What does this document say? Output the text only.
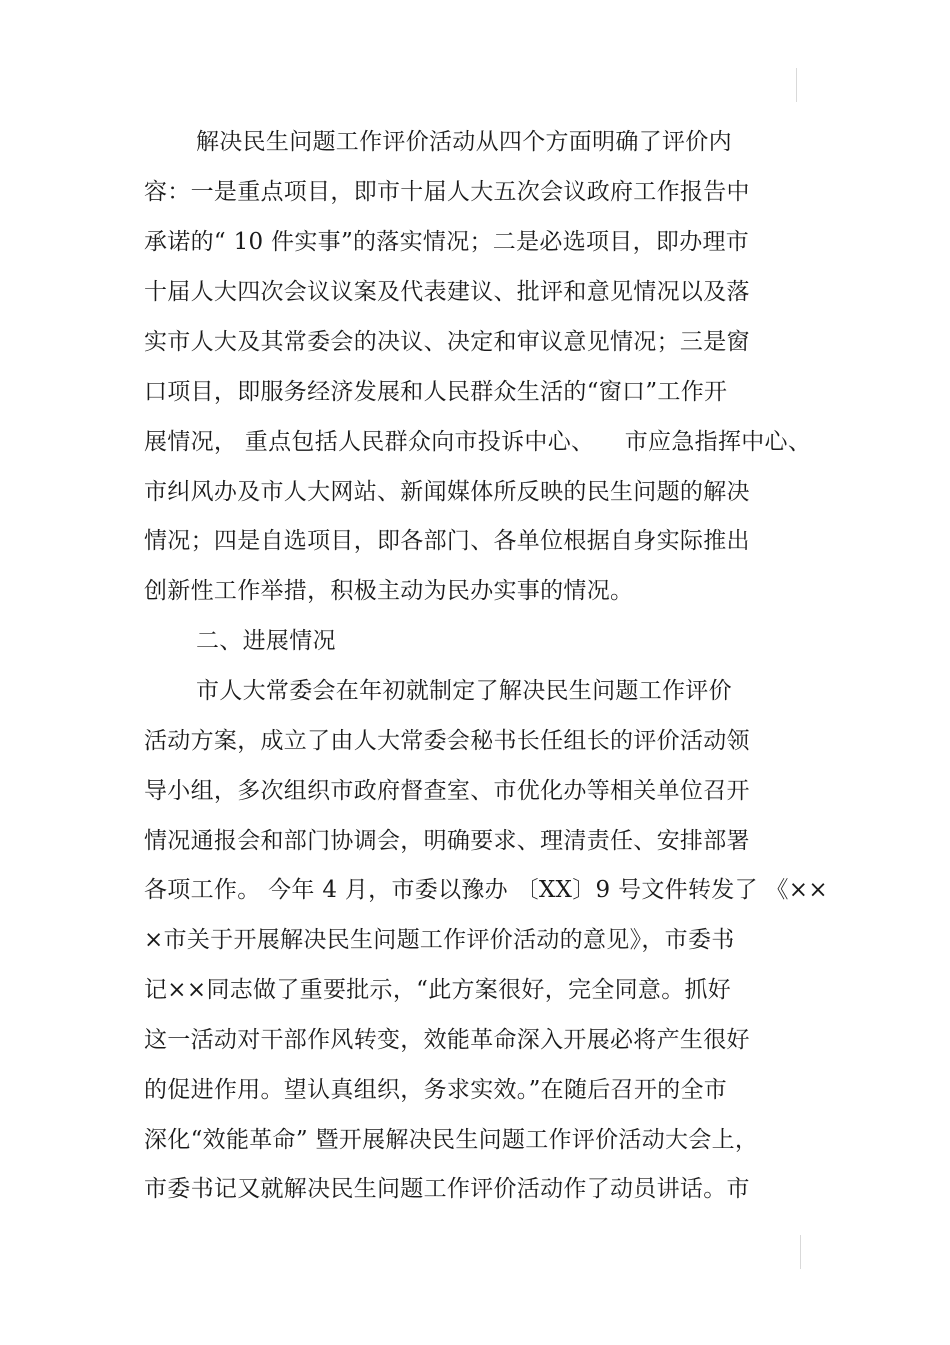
解决民生问题工作评价活动从四个方面明确了评价内
容：一是重点项目，即市十届人大五次会议政府工作报告中
承诺的“ 10 件实事”的落实情况；二是必选项目，即办理市
十届人大四次会议议案及代表建议、批评和意见情况以及落
实市人大及其常委会的决议、决定和审议意见情况；三是窗
口项目，即服务经济发展和人民群众生活的“窗口”工作开
展情况， 重点包括人民群众向市投诉中心、    市应急指挥中心、
市纠风办及市人大网站、新闻媒体所反映的民生问题的解决
情况；四是自选项目，即各部门、各单位根据自身实际推出
创新性工作举措，积极主动为民办实事的情况。
二、进展情况
市人大常委会在年初就制定了解决民生问题工作评价
活动方案，成立了由人大常委会秘书长任组长的评价活动领
导小组，多次组织市政府督查室、市优化办等相关单位召开
情况通报会和部门协调会，明确要求、理清责任、安排部署
各项工作。 今年 4 月，市委以豫办 〔XX〕9 号文件转发了 《××
×市关于开展解决民生问题工作评价活动的意见》，市委书
记××同志做了重要批示，“此方案很好，完全同意。抓好
这一活动对干部作风转变，效能革命深入开展必将产生很好
的促进作用。望认真组织，务求实效。”在随后召开的全市
深化“效能革命” 暨开展解决民生问题工作评价活动大会上，
市委书记又就解决民生问题工作评价活动作了动员讲话。市
